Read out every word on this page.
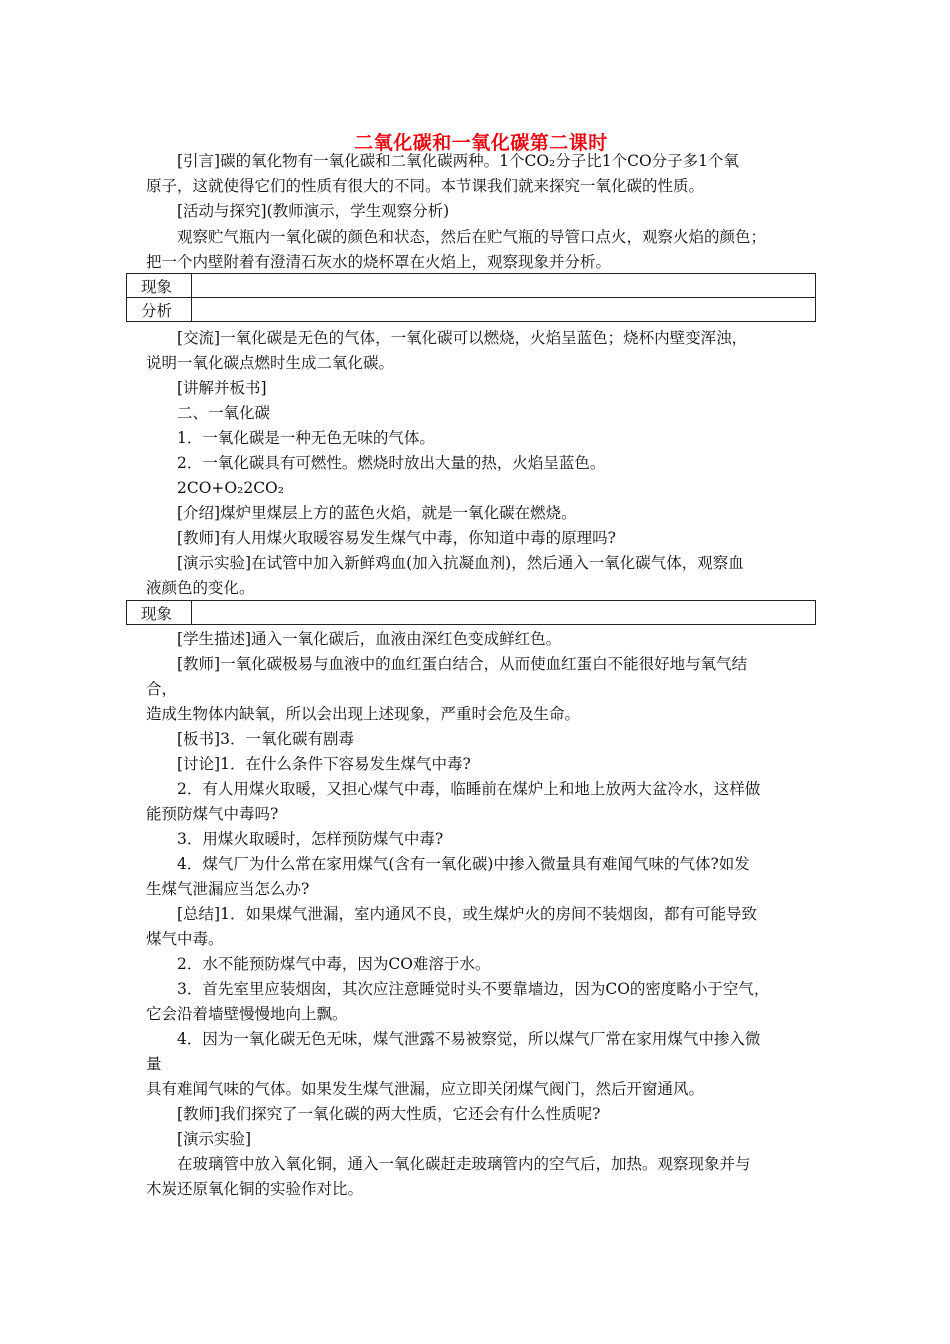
二氧化碳和一氧化碳第二课时
[引言]碳的氧化物有一氧化碳和二氧化碳两种。1个CO₂分子比1个CO分子多1个氧
原子，这就使得它们的性质有很大的不同。本节课我们就来探究一氧化碳的性质。
[活动与探究](教师演示，学生观察分析)
观察贮气瓶内一氧化碳的颜色和状态，然后在贮气瓶的导管口点火，观察火焰的颜色；
把一个内壁附着有澄清石灰水的烧杯罩在火焰上，观察现象并分析。
现象	
分析	
[交流]一氧化碳是无色的气体，一氧化碳可以燃烧，火焰呈蓝色；烧杯内壁变浑浊，
说明一氧化碳点燃时生成二氧化碳。
[讲解并板书]
二、一氧化碳
1．一氧化碳是一种无色无味的气体。
2．一氧化碳具有可燃性。燃烧时放出大量的热，火焰呈蓝色。
2CO+O₂2CO₂
[介绍]煤炉里煤层上方的蓝色火焰，就是一氧化碳在燃烧。
[教师]有人用煤火取暖容易发生煤气中毒，你知道中毒的原理吗?
[演示实验]在试管中加入新鲜鸡血(加入抗凝血剂)，然后通入一氧化碳气体，观察血
液颜色的变化。
现象	
[学生描述]通入一氧化碳后，血液由深红色变成鲜红色。
[教师]一氧化碳极易与血液中的血红蛋白结合，从而使血红蛋白不能很好地与氧气结
合，
造成生物体内缺氧，所以会出现上述现象，严重时会危及生命。
[板书]3．一氧化碳有剧毒
[讨论]1．在什么条件下容易发生煤气中毒?
2．有人用煤火取暖，又担心煤气中毒，临睡前在煤炉上和地上放两大盆冷水，这样做
能预防煤气中毒吗?
3．用煤火取暖时，怎样预防煤气中毒?
4．煤气厂为什么常在家用煤气(含有一氧化碳)中掺入微量具有难闻气味的气体?如发
生煤气泄漏应当怎么办?
[总结]1．如果煤气泄漏，室内通风不良，或生煤炉火的房间不装烟囱，都有可能导致
煤气中毒。
2．水不能预防煤气中毒，因为CO难溶于水。
3．首先室里应装烟囱，其次应注意睡觉时头不要靠墙边，因为CO的密度略小于空气，
它会沿着墙壁慢慢地向上飘。
4．因为一氧化碳无色无味，煤气泄露不易被察觉，所以煤气厂常在家用煤气中掺入微
量
具有难闻气味的气体。如果发生煤气泄漏，应立即关闭煤气阀门，然后开窗通风。
[教师]我们探究了一氧化碳的两大性质，它还会有什么性质呢?
[演示实验]
在玻璃管中放入氧化铜，通入一氧化碳赶走玻璃管内的空气后，加热。观察现象并与
木炭还原氧化铜的实验作对比。
